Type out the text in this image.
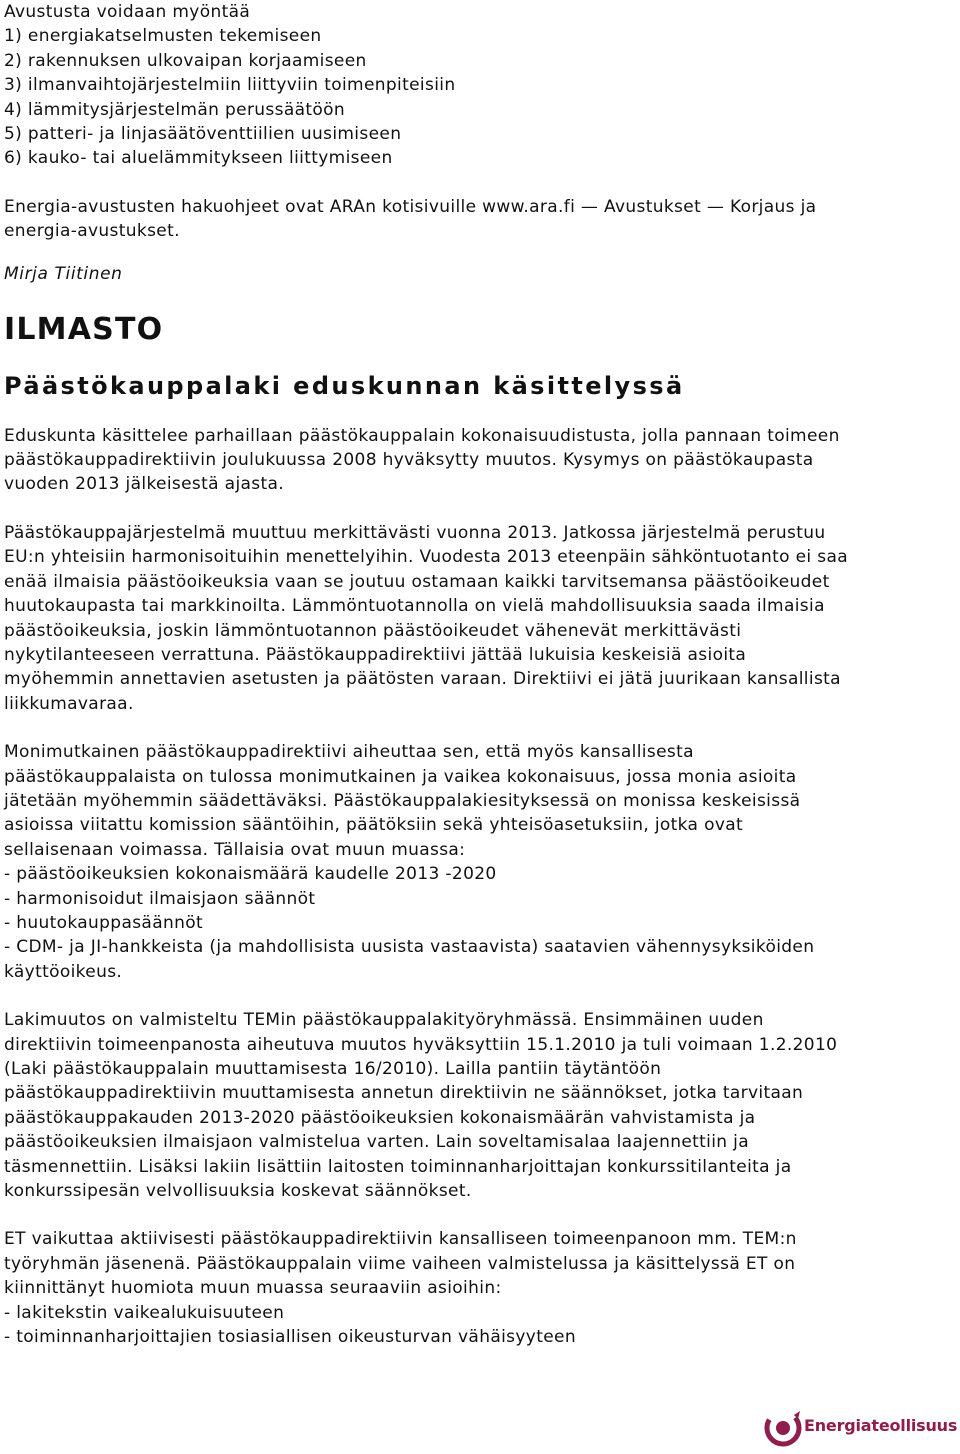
Avustusta voidaan myöntää
1) energiakatselmusten tekemiseen
2) rakennuksen ulkovaipan korjaamiseen
3) ilmanvaihtojärjestelmiin liittyviin toimenpiteisiin
4) lämmitysjärjestelmän perussäätöön
5) patteri- ja linjasäätöventtiilien uusimiseen
6) kauko- tai aluelämmitykseen liittymiseen
Energia-avustusten hakuohjeet ovat ARAn kotisivuille www.ara.fi — Avustukset — Korjaus ja
energia-avustukset.
Mirja Tiitinen
ILMASTO
Päästökauppalaki eduskunnan käsittelyssä
Eduskunta käsittelee parhaillaan päästökauppalain kokonaisuudistusta, jolla pannaan toimeen
päästökauppadirektiivin joulukuussa 2008 hyväksytty muutos. Kysymys on päästökaupasta
vuoden 2013 jälkeisestä ajasta.
Päästökauppajärjestelmä muuttuu merkittävästi vuonna 2013. Jatkossa järjestelmä perustuu
EU:n yhteisiin harmonisoituihin menettelyihin. Vuodesta 2013 eteenpäin sähköntuotanto ei saa
enää ilmaisia päästöoikeuksia vaan se joutuu ostamaan kaikki tarvitsemansa päästöoikeudet
huutokaupasta tai markkinoilta. Lämmöntuotannolla on vielä mahdollisuuksia saada ilmaisia
päästöoikeuksia, joskin lämmöntuotannon päästöoikeudet vähenevät merkittävästi
nykytilanteeseen verrattuna. Päästökauppadirektiivi jättää lukuisia keskeisiä asioita
myöhemmin annettavien asetusten ja päätösten varaan. Direktiivi ei jätä juurikaan kansallista
liikkumavaraa.
Monimutkainen päästökauppadirektiivi aiheuttaa sen, että myös kansallisesta
päästökauppalaista on tulossa monimutkainen ja vaikea kokonaisuus, jossa monia asioita
jätetään myöhemmin säädettäväksi. Päästökauppalakiesityksessä on monissa keskeisissä
asioissa viitattu komission sääntöihin, päätöksiin sekä yhteisöasetuksiin, jotka ovat
sellaisenaan voimassa. Tällaisia ovat muun muassa:
- päästöoikeuksien kokonaismäärä kaudelle 2013 -2020
- harmonisoidut ilmaisjaon säännöt
- huutokauppasäännöt
- CDM- ja JI-hankkeista (ja mahdollisista uusista vastaavista) saatavien vähennysyksiköiden
käyttöoikeus.
Lakimuutos on valmisteltu TEMin päästökauppalakityöryhmässä. Ensimmäinen uuden
direktiivin toimeenpanosta aiheutuva muutos hyväksyttiin 15.1.2010 ja tuli voimaan 1.2.2010
(Laki päästökauppalain muuttamisesta 16/2010). Lailla pantiin täytäntöön
päästökauppadirektiivin muuttamisesta annetun direktiivin ne säännökset, jotka tarvitaan
päästökauppakauden 2013-2020 päästöoikeuksien kokonaismäärän vahvistamista ja
päästöoikeuksien ilmaisjaon valmistelua varten. Lain soveltamisalaa laajennettiin ja
täsmennettiin. Lisäksi lakiin lisättiin laitosten toiminnanharjoittajan konkurssitilanteita ja
konkurssipesän velvollisuuksia koskevat säännökset.
ET vaikuttaa aktiivisesti päästökauppadirektiivin kansalliseen toimeenpanoon mm. TEM:n
työryhmän jäsenenä. Päästökauppalain viime vaiheen valmistelussa ja käsittelyssä ET on
kiinnittänyt huomiota muun muassa seuraaviin asioihin:
- lakitekstin vaikealukuisuuteen
- toiminnanharjoittajien tosiasiallisen oikeusturvan vähäisyyteen
Energiateollisuus
